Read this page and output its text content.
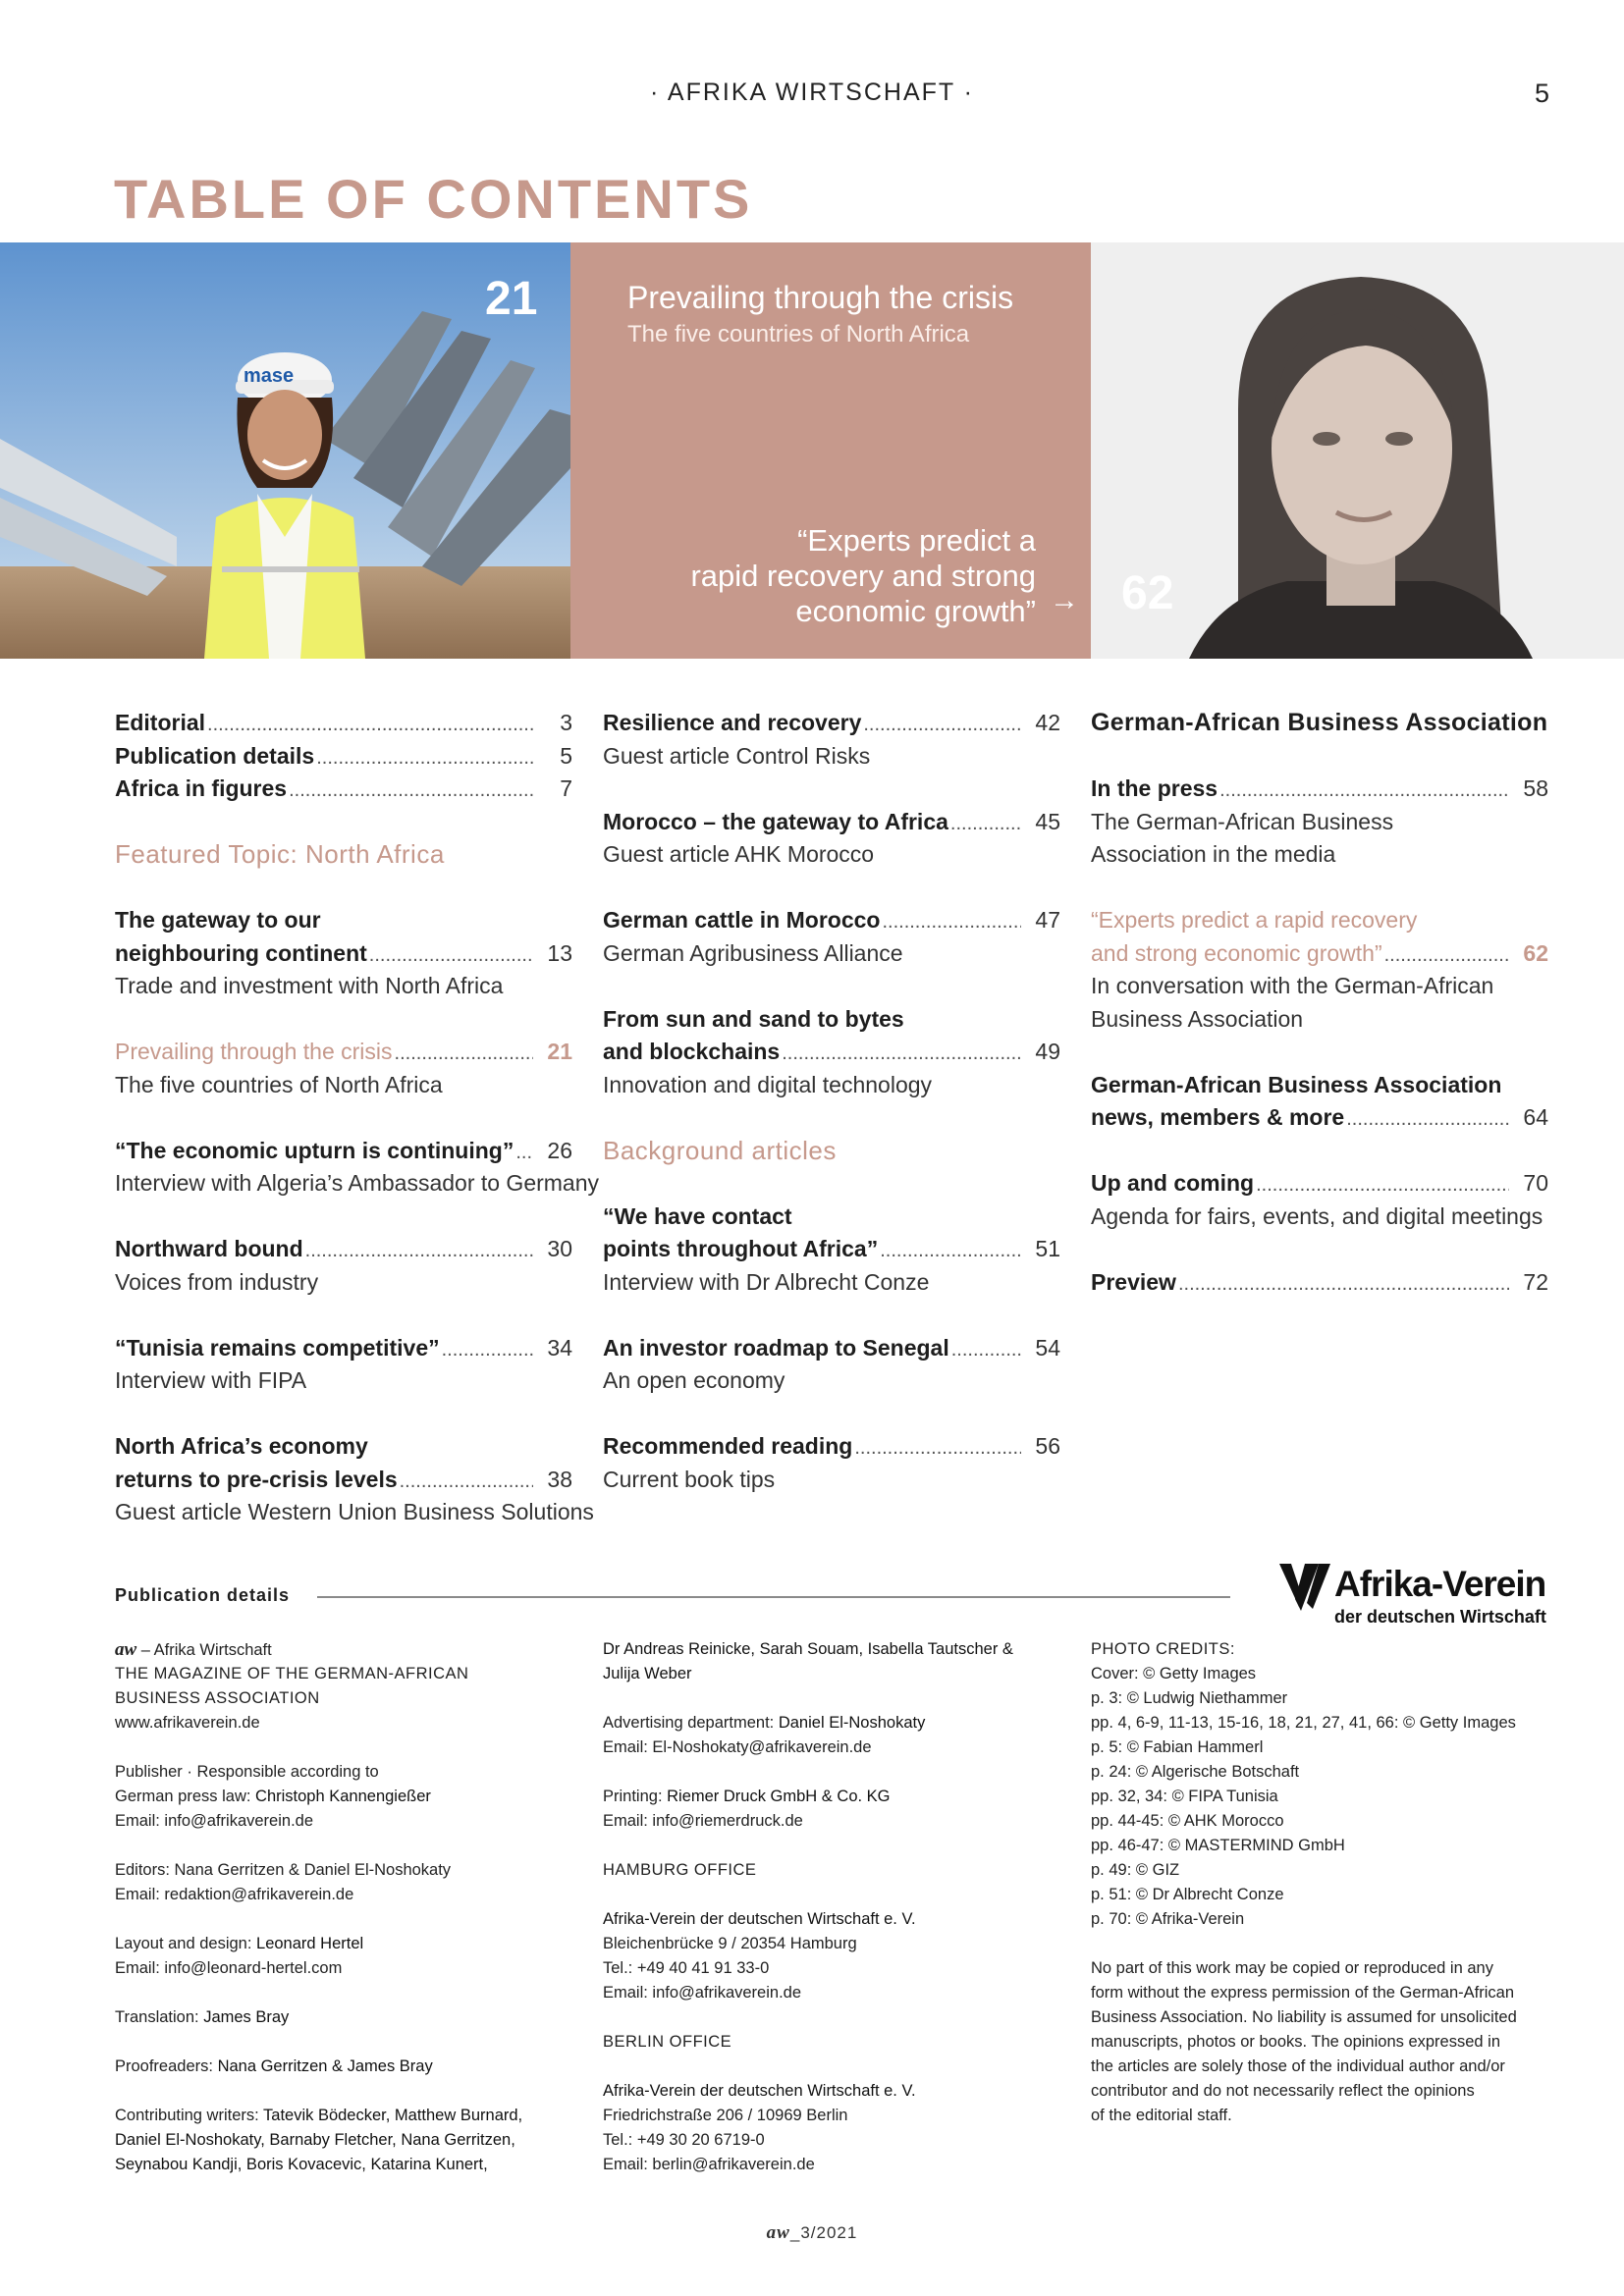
· AFRIKA WIRTSCHAFT ·	5
TABLE OF CONTENTS
mase
21	Prevailing through the crisis
The five countries of North Africa
“Experts predict a
rapid recovery and strong
economic growth” → 62
Editorial .....	3
Publication details .....	5
Africa in figures .....	7
Featured Topic: North Africa
The gateway to our
neighbouring continent .....	13
Trade and investment with North Africa
Prevailing through the crisis .....	21
The five countries of North Africa
“The economic upturn is continuing” .....	26
Interview with Algeria’s Ambassador to Germany
Northward bound .....	30
Voices from industry
“Tunisia remains competitive” .....	34
Interview with FIPA
North Africa’s economy
returns to pre-crisis levels .....	38
Guest article Western Union Business Solutions
Resilience and recovery .....	42
Guest article Control Risks
Morocco – the gateway to Africa .....	45
Guest article AHK Morocco
German cattle in Morocco .....	47
German Agribusiness Alliance
From sun and sand to bytes
and blockchains .....	49
Innovation and digital technology
Background articles
“We have contact
points throughout Africa” .....	51
Interview with Dr Albrecht Conze
An investor roadmap to Senegal .....	54
An open economy
Recommended reading .....	56
Current book tips
German-African Business Association
In the press .....	58
The German-African Business
Association in the media
“Experts predict a rapid recovery
and strong economic growth” .....	62
In conversation with the German-African
Business Association
German-African Business Association
news, members & more .....	64
Up and coming .....	70
Agenda for fairs, events, and digital meetings
Preview .....	72
Publication details	Afrika-Verein
der deutschen Wirtschaft
aw – Afrika Wirtschaft
THE MAGAZINE OF THE GERMAN-AFRICAN
BUSINESS ASSOCIATION
www.afrikaverein.de
Publisher · Responsible according to
German press law: Christoph Kannengießer
Email: info@afrikaverein.de
Editors: Nana Gerritzen & Daniel El-Noshokaty
Email: redaktion@afrikaverein.de
Layout and design: Leonard Hertel
Email: info@leonard-hertel.com
Translation: James Bray
Proofreaders: Nana Gerritzen & James Bray
Contributing writers: Tatevik Bödecker, Matthew Burnard,
Daniel El-Noshokaty, Barnaby Fletcher, Nana Gerritzen,
Seynabou Kandji, Boris Kovacevic, Katarina Kunert,
Dr Andreas Reinicke, Sarah Souam, Isabella Tautscher &
Julija Weber
Advertising department: Daniel El-Noshokaty
Email: El-Noshokaty@afrikaverein.de
Printing: Riemer Druck GmbH & Co. KG
Email: info@riemerdruck.de
HAMBURG OFFICE
Afrika-Verein der deutschen Wirtschaft e. V.
Bleichenbrücke 9 / 20354 Hamburg
Tel.: +49 40 41 91 33-0
Email: info@afrikaverein.de
BERLIN OFFICE
Afrika-Verein der deutschen Wirtschaft e. V.
Friedrichstraße 206 / 10969 Berlin
Tel.: +49 30 20 6719-0
Email: berlin@afrikaverein.de
PHOTO CREDITS:
Cover: © Getty Images
p. 3: © Ludwig Niethammer
pp. 4, 6-9, 11-13, 15-16, 18, 21, 27, 41, 66: © Getty Images
p. 5: © Fabian Hammerl
p. 24: © Algerische Botschaft
pp. 32, 34: © FIPA Tunisia
pp. 44-45: © AHK Morocco
pp. 46-47: © MASTERMIND GmbH
p. 49: © GIZ
p. 51: © Dr Albrecht Conze
p. 70: © Afrika-Verein
No part of this work may be copied or reproduced in any
form without the express permission of the German-African
Business Association. No liability is assumed for unsolicited
manuscripts, photos or books. The opinions expressed in
the articles are solely those of the individual author and/or
contributor and do not necessarily reflect the opinions
of the editorial staff.
aw_3/2021
